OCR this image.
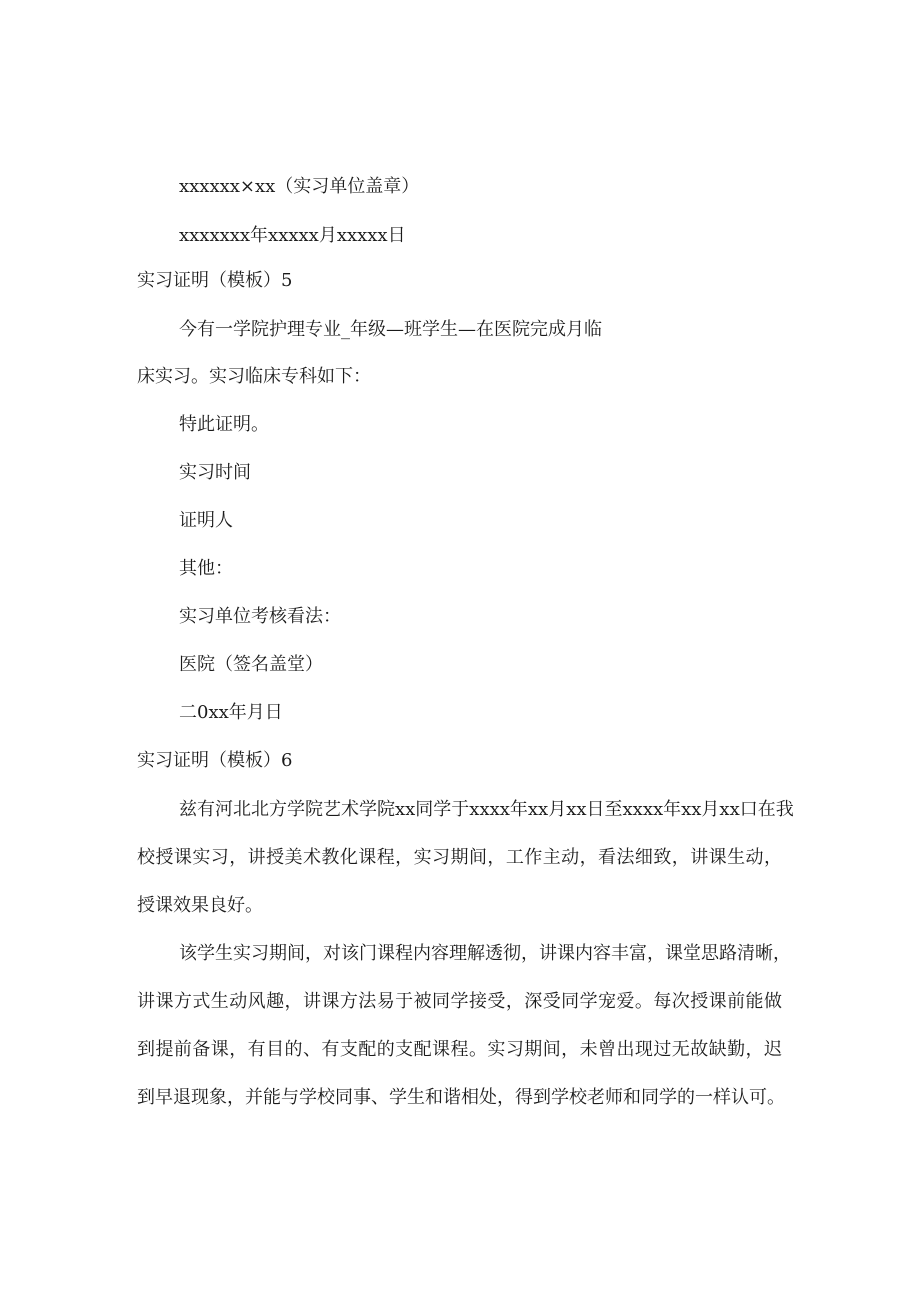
xxxxxx×xx（实习单位盖章）
xxxxxxx年xxxxx月xxxxx日
实习证明（模板）5
今有一学院护理专业_年级—班学生—在医院完成月临
床实习。实习临床专科如下：
特此证明。
实习时间
证明人
其他：
实习单位考核看法：
医院（签名盖堂）
二0xx年月日
实习证明（模板）6
兹有河北北方学院艺术学院xx同学于xxxx年xx月xx日至xxxx年xx月xx口在我
校授课实习，讲授美术教化课程，实习期间，工作主动，看法细致，讲课生动，
授课效果良好。
该学生实习期间，对该门课程内容理解透彻，讲课内容丰富，课堂思路清晰，
讲课方式生动风趣，讲课方法易于被同学接受，深受同学宠爱。每次授课前能做
到提前备课，有目的、有支配的支配课程。实习期间，未曾出现过无故缺勤，迟
到早退现象，并能与学校同事、学生和谐相处，得到学校老师和同学的一样认可。
